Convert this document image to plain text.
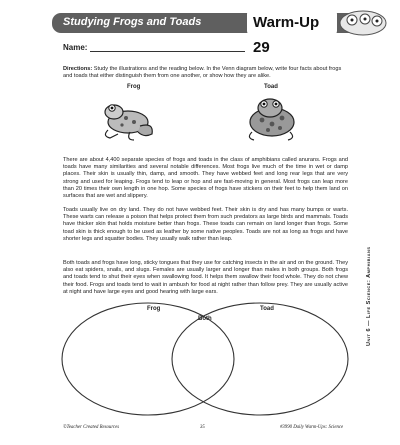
Studying Frogs and Toads	Warm-Up 29
Name:
Directions: Study the illustrations and the reading below. In the Venn diagram below, write four facts about frogs and toads that either distinguish them from one another, or show how they are alike.
Frog	Toad
There are about 4,400 separate species of frogs and toads in the class of amphibians called anurans. Frogs and toads have many similarities and several notable differences. Most frogs live much of the time in wet or damp places. Their skin is usually thin, damp, and smooth. They have webbed feet and long rear legs that are very strong and used for leaping. Frogs tend to leap or hop and are fast-moving in general. Most frogs can leap more than 20 times their own length in one hop. Some species of frogs have stickers on their feet to help them land on surfaces that are wet and slippery.
Toads usually live on dry land. They do not have webbed feet. Their skin is dry and has many bumps or warts. These warts can release a poison that helps protect them from such predators as large birds and mammals. Toads have thicker skin that holds moisture better than frogs. These toads can remain on land longer than frogs. Some toad skin is thick enough to be used as leather by some native peoples. Toads are not as long as frogs and have shorter legs and squatter bodies. They usually walk rather than leap.
Both toads and frogs have long, sticky tongues that they use for catching insects in the air and on the ground. They also eat spiders, snails, and slugs. Females are usually larger and longer than males in both groups. Both frogs and toads tend to shut their eyes when swallowing food. It helps them swallow their food whole. They do not chew their food. Frogs and toads tend to wait in ambush for food at night rather than follow prey. They are usually active at night and have large eyes and good hearing with large ears.	Unit 6 — Life Science: Amphibians
Frog	Toad
Both
©Teacher Created Resources	35	#3990 Daily Warm-Ups: Science
